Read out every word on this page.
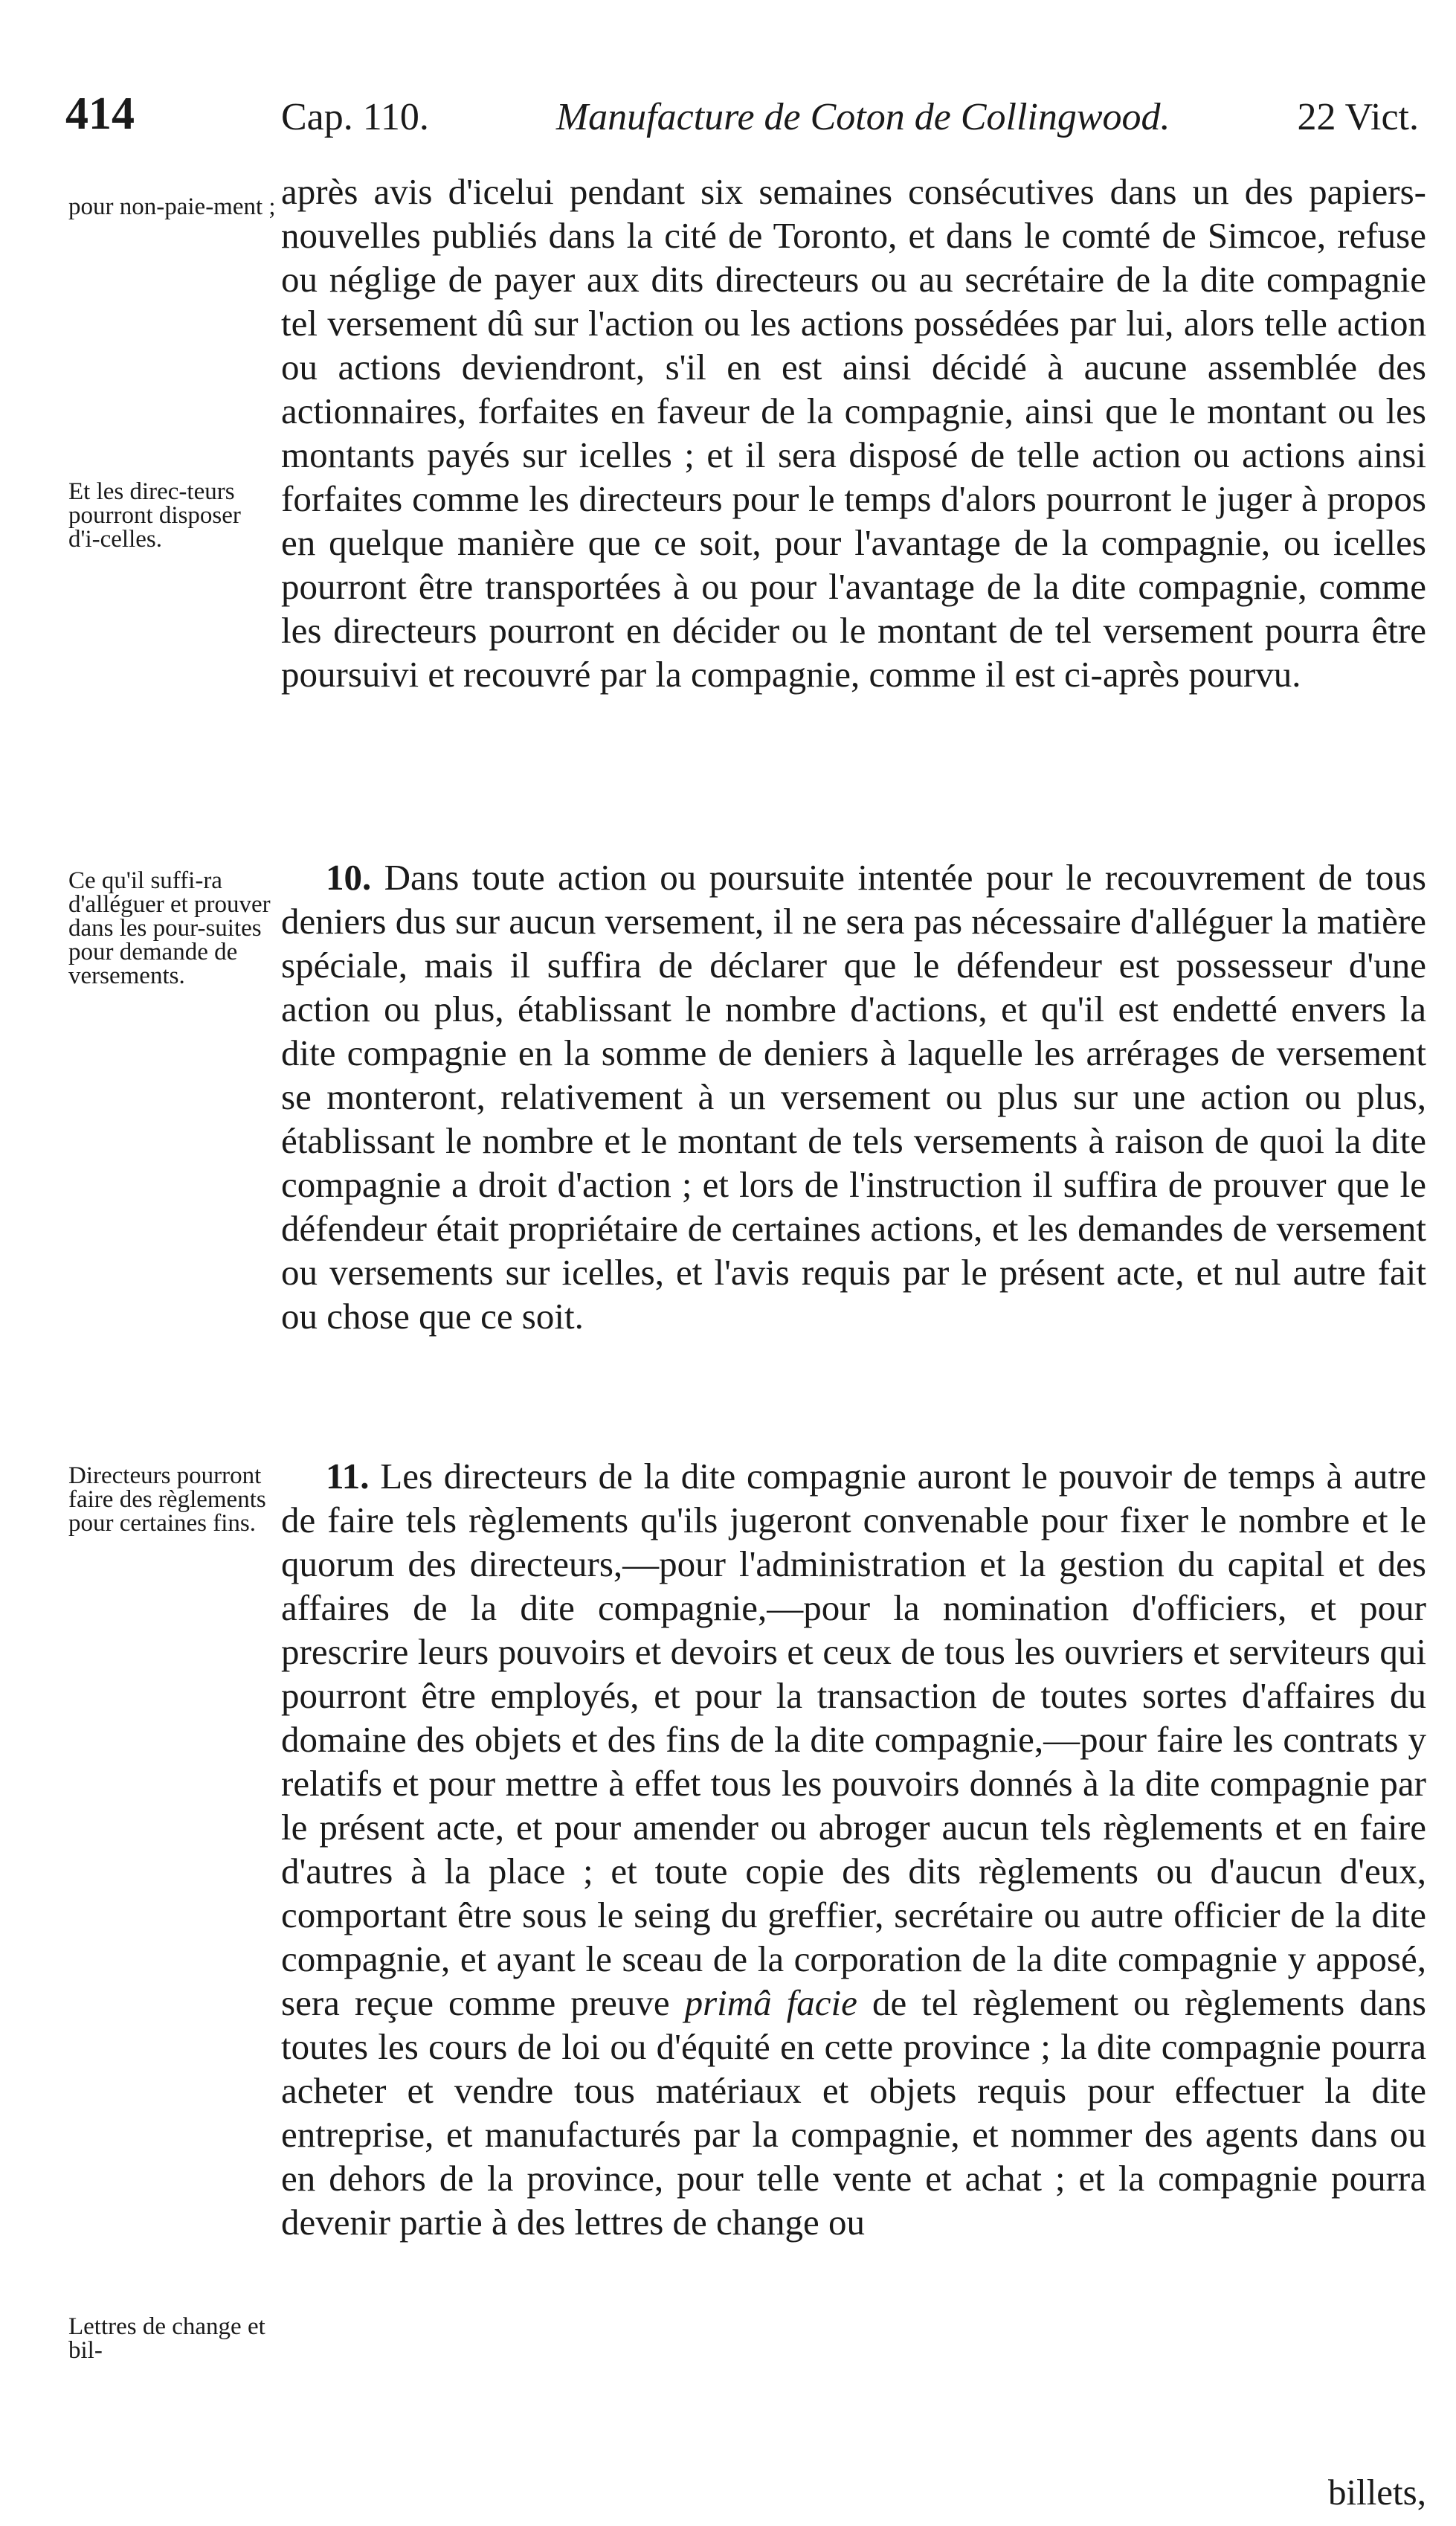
414	Cap. 110.	Manufacture de Coton de Collingwood.	22 Vict.
pour non-paie-ment ;
Et les direc-teurs pourront disposer d'i-celles.
Ce qu'il suffi-ra d'alléguer et prouver dans les pour-suites pour demande de versements.
Directeurs pourront faire des règlements pour certaines fins.
Lettres de change et bil-

après avis d'icelui pendant six semaines consécutives dans un des papiers-nouvelles publiés dans la cité de Toronto, et dans le comté de Simcoe, refuse ou néglige de payer aux dits directeurs ou au secrétaire de la dite compagnie tel versement dû sur l'action ou les actions possédées par lui, alors telle action ou actions deviendront, s'il en est ainsi décidé à aucune assemblée des actionnaires, forfaites en faveur de la compagnie, ainsi que le montant ou les montants payés sur icelles ; et il sera disposé de telle action ou actions ainsi forfaites comme les directeurs pour le temps d'alors pourront le juger à propos en quelque manière que ce soit, pour l'avantage de la compagnie, ou icelles pourront être transportées à ou pour l'avantage de la dite compagnie, comme les directeurs pourront en décider ou le montant de tel versement pourra être poursuivi et recouvré par la compagnie, comme il est ci-après pourvu.

10. Dans toute action ou poursuite intentée pour le recouvrement de tous deniers dus sur aucun versement, il ne sera pas nécessaire d'alléguer la matière spéciale, mais il suffira de déclarer que le défendeur est possesseur d'une action ou plus, établissant le nombre d'actions, et qu'il est endetté envers la dite compagnie en la somme de deniers à laquelle les arrérages de versement se monteront, relativement à un versement ou plus sur une action ou plus, établissant le nombre et le montant de tels versements à raison de quoi la dite compagnie a droit d'action ; et lors de l'instruction il suffira de prouver que le défendeur était propriétaire de certaines actions, et les demandes de versement ou versements sur icelles, et l'avis requis par le présent acte, et nul autre fait ou chose que ce soit.

11. Les directeurs de la dite compagnie auront le pouvoir de temps à autre de faire tels règlements qu'ils jugeront convenable pour fixer le nombre et le quorum des directeurs,—pour l'administration et la gestion du capital et des affaires de la dite compagnie,—pour la nomination d'officiers, et pour prescrire leurs pouvoirs et devoirs et ceux de tous les ouvriers et serviteurs qui pourront être employés, et pour la transaction de toutes sortes d'affaires du domaine des objets et des fins de la dite compagnie,—pour faire les contrats y relatifs et pour mettre à effet tous les pouvoirs donnés à la dite compagnie par le présent acte, et pour amender ou abroger aucun tels règlements et en faire d'autres à la place ; et toute copie des dits règlements ou d'aucun d'eux, comportant être sous le seing du greffier, secrétaire ou autre officier de la dite compagnie, et ayant le sceau de la corporation de la dite compagnie y apposé, sera reçue comme preuve primâ facie de tel règlement ou règlements dans toutes les cours de loi ou d'équité en cette province ; la dite compagnie pourra acheter et vendre tous matériaux et objets requis pour effectuer la dite entreprise, et manufacturés par la compagnie, et nommer des agents dans ou en dehors de la province, pour telle vente et achat ; et la compagnie pourra devenir partie à des lettres de change ou

billets,
